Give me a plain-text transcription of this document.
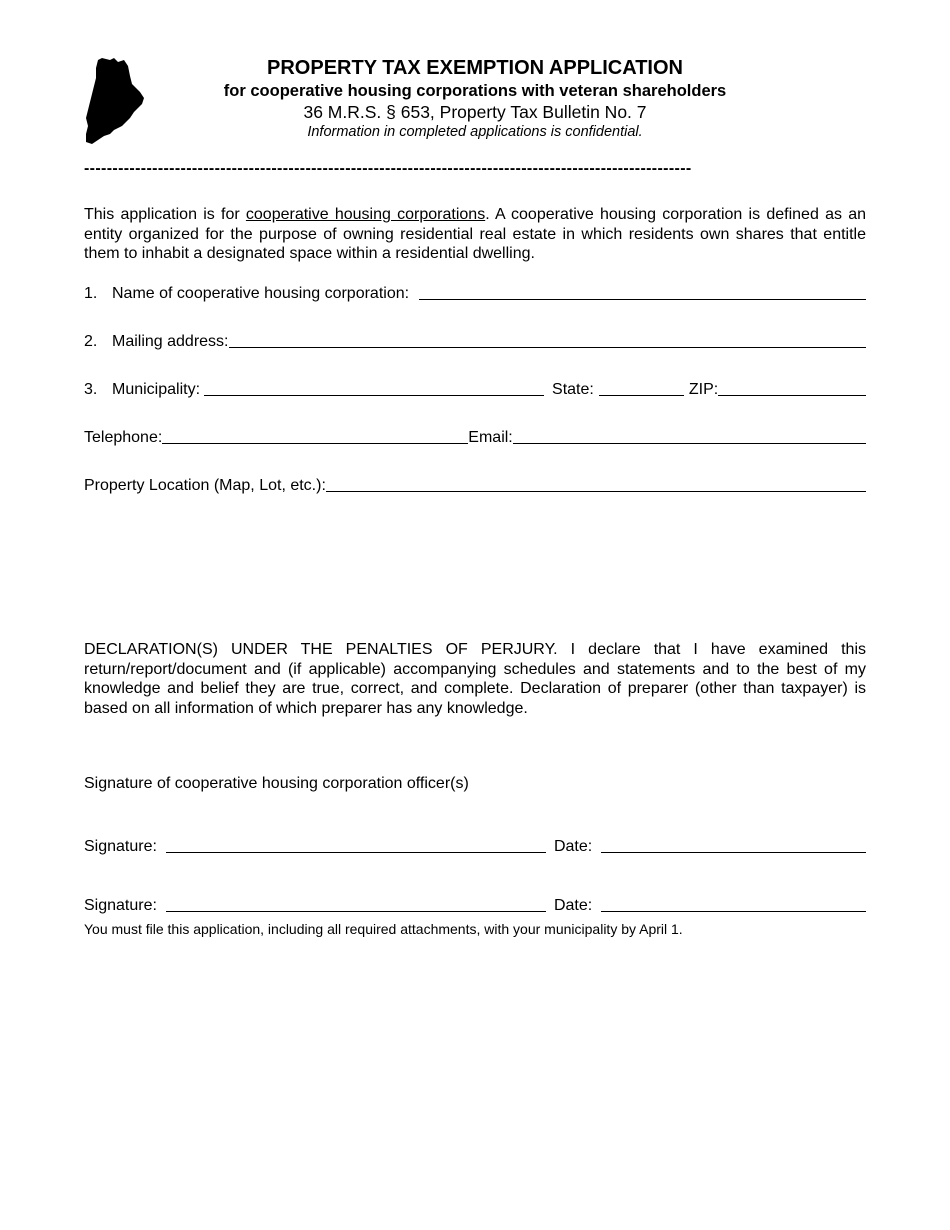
PROPERTY TAX EXEMPTION APPLICATION
for cooperative housing corporations with veteran shareholders
36 M.R.S. § 653, Property Tax Bulletin No. 7
Information in completed applications is confidential.
-----------------------------------------------------------------------------------------------------------
This application is for cooperative housing corporations. A cooperative housing corporation is defined as an entity organized for the purpose of owning residential real estate in which residents own shares that entitle them to inhabit a designated space within a residential dwelling.
1. Name of cooperative housing corporation:
2. Mailing address:
3. Municipality:	State:	ZIP:
Telephone:	Email:
Property Location (Map, Lot, etc.):
DECLARATION(S) UNDER THE PENALTIES OF PERJURY. I declare that I have examined this return/report/document and (if applicable) accompanying schedules and statements and to the best of my knowledge and belief they are true, correct, and complete. Declaration of preparer (other than taxpayer) is based on all information of which preparer has any knowledge.
Signature of cooperative housing corporation officer(s)
Signature:	Date:
Signature:	Date:
You must file this application, including all required attachments, with your municipality by April 1.
